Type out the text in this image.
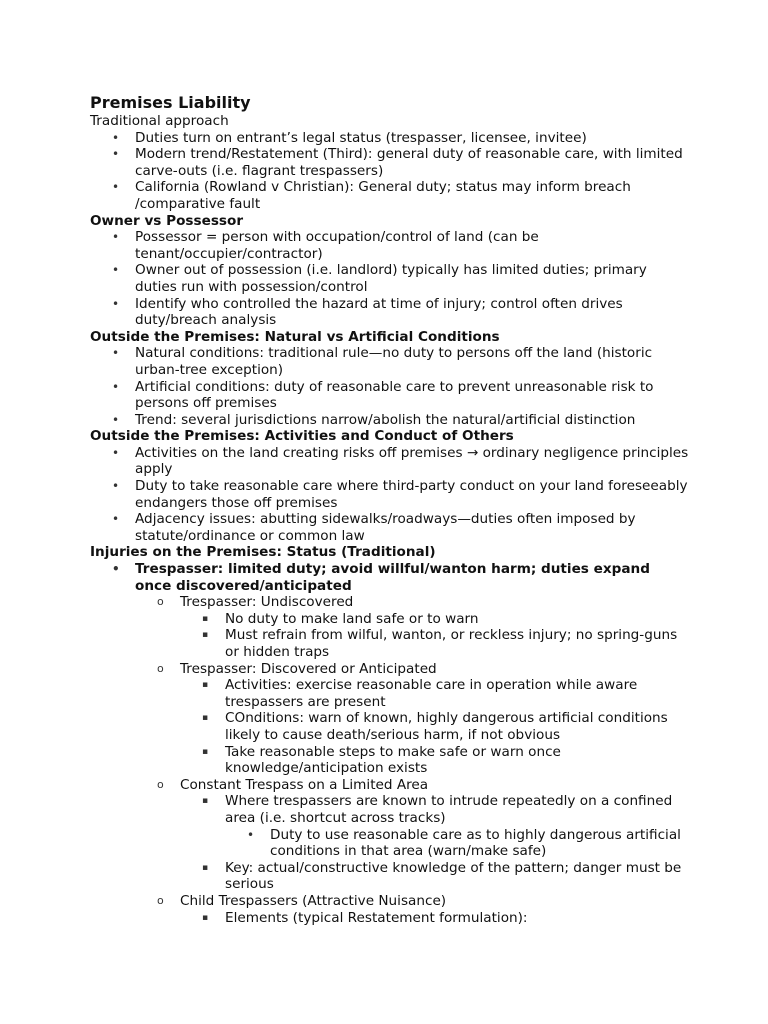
Premises Liability
Traditional approach
• Duties turn on entrant’s legal status (trespasser, licensee, invitee)
• Modern trend/Restatement (Third): general duty of reasonable care, with limited carve-outs (i.e. flagrant trespassers)
• California (Rowland v Christian): General duty; status may inform breach /comparative fault
Owner vs Possessor
• Possessor = person with occupation/control of land (can be tenant/occupier/contractor)
• Owner out of possession (i.e. landlord) typically has limited duties; primary duties run with possession/control
• Identify who controlled the hazard at time of injury; control often drives duty/breach analysis
Outside the Premises: Natural vs Artificial Conditions
• Natural conditions: traditional rule—no duty to persons off the land (historic urban-tree exception)
• Artificial conditions: duty of reasonable care to prevent unreasonable risk to persons off premises
• Trend: several jurisdictions narrow/abolish the natural/artificial distinction
Outside the Premises: Activities and Conduct of Others
• Activities on the land creating risks off premises → ordinary negligence principles apply
• Duty to take reasonable care where third-party conduct on your land foreseeably endangers those off premises
• Adjacency issues: abutting sidewalks/roadways—duties often imposed by statute/ordinance or common law
Injuries on the Premises: Status (Traditional)
• Trespasser: limited duty; avoid willful/wanton harm; duties expand once discovered/anticipated
o Trespasser: Undiscovered
▪ No duty to make land safe or to warn
▪ Must refrain from wilful, wanton, or reckless injury; no spring-guns or hidden traps
o Trespasser: Discovered or Anticipated
▪ Activities: exercise reasonable care in operation while aware trespassers are present
▪ COnditions: warn of known, highly dangerous artificial conditions likely to cause death/serious harm, if not obvious
▪ Take reasonable steps to make safe or warn once knowledge/anticipation exists
o Constant Trespass on a Limited Area
▪ Where trespassers are known to intrude repeatedly on a confined area (i.e. shortcut across tracks)
• Duty to use reasonable care as to highly dangerous artificial conditions in that area (warn/make safe)
▪ Key: actual/constructive knowledge of the pattern; danger must be serious
o Child Trespassers (Attractive Nuisance)
▪ Elements (typical Restatement formulation):
